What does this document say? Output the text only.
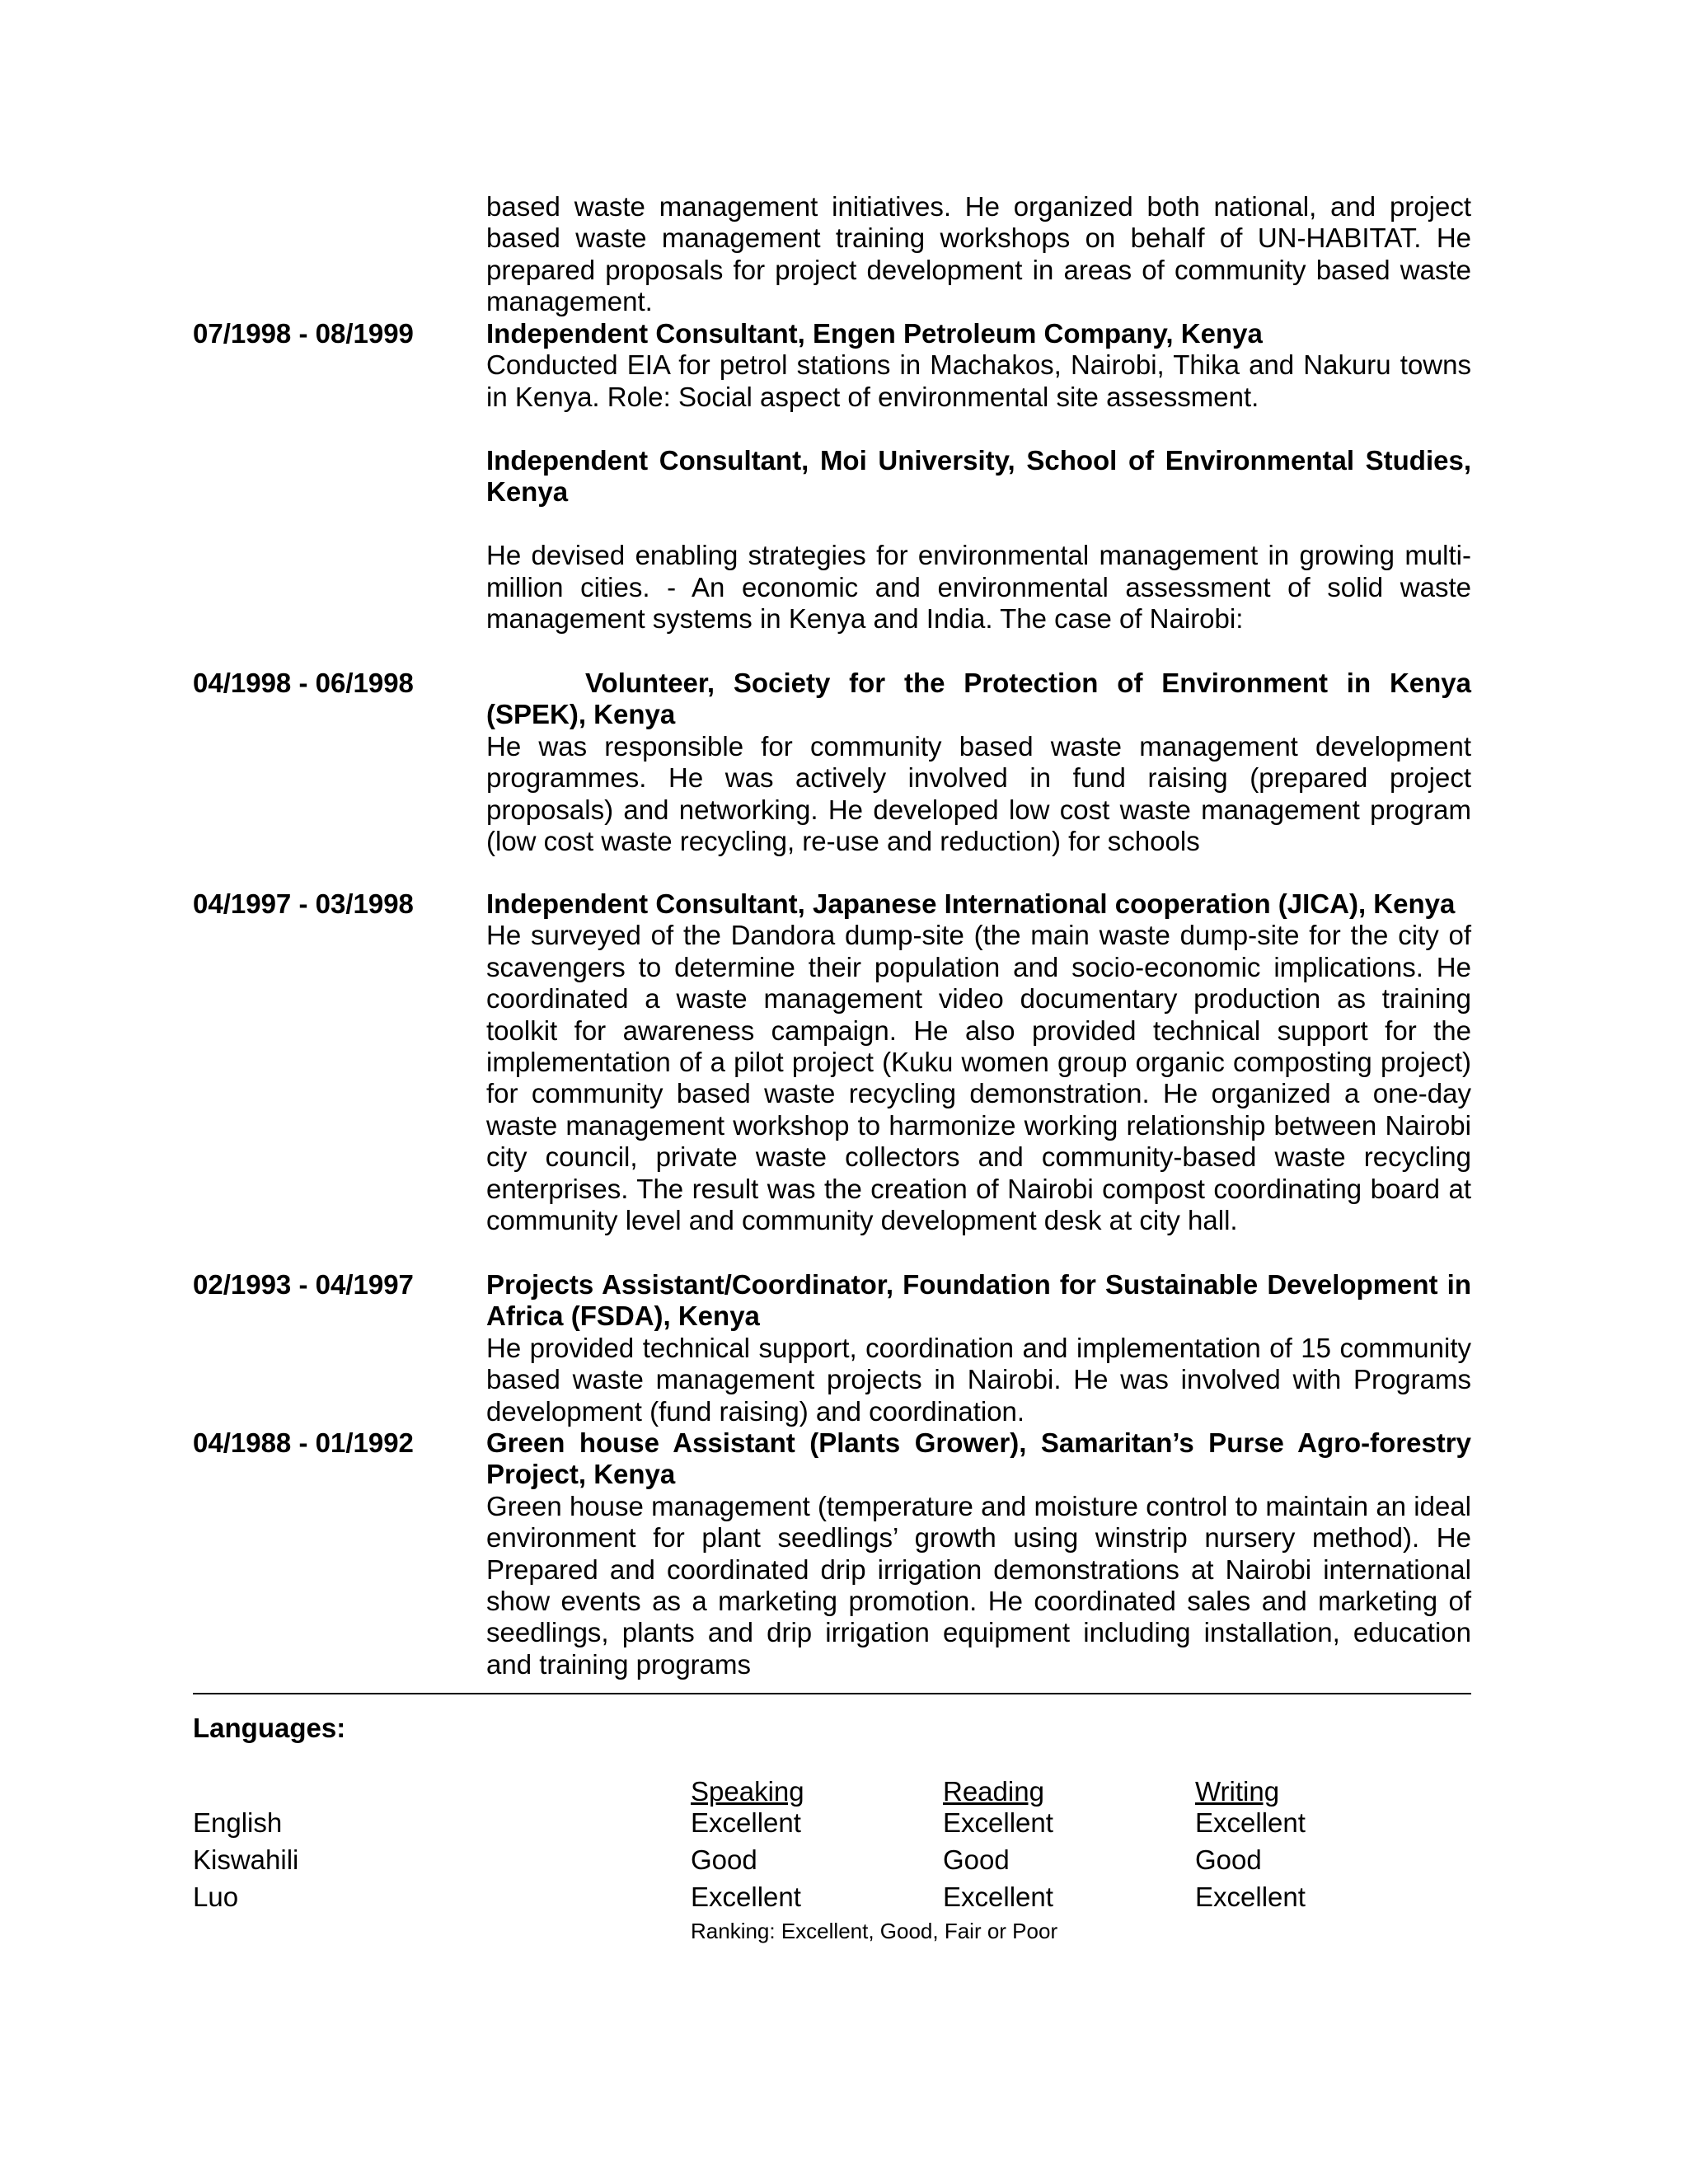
based waste management initiatives. He organized both national, and project based waste management training workshops on behalf of UN-HABITAT. He prepared proposals for project development in areas of community based waste management.
07/1998 - 08/1999	Independent Consultant, Engen Petroleum Company, Kenya
Conducted EIA for petrol stations in Machakos, Nairobi, Thika and Nakuru towns in Kenya. Role: Social aspect of environmental site assessment.
Independent Consultant, Moi University, School of Environmental Studies, Kenya
He devised enabling strategies for environmental management in growing multi-million cities. - An economic and environmental assessment of solid waste management systems in Kenya and India. The case of Nairobi:
04/1998 - 06/1998	Volunteer, Society for the Protection of Environment in Kenya (SPEK), Kenya
He was responsible for community based waste management development programmes. He was actively involved in fund raising (prepared project proposals) and networking. He developed low cost waste management program (low cost waste recycling, re-use and reduction) for schools
04/1997 - 03/1998	Independent Consultant, Japanese International cooperation (JICA), Kenya
He surveyed of the Dandora dump-site (the main waste dump-site for the city of scavengers to determine their population and socio-economic implications. He coordinated a waste management video documentary production as training toolkit for awareness campaign. He also provided technical support for the implementation of a pilot project (Kuku women group organic composting project) for community based waste recycling demonstration. He organized a one-day waste management workshop to harmonize working relationship between Nairobi city council, private waste collectors and community-based waste recycling enterprises. The result was the creation of Nairobi compost coordinating board at community level and community development desk at city hall.
02/1993 - 04/1997	Projects Assistant/Coordinator, Foundation for Sustainable Development in Africa (FSDA), Kenya
He provided technical support, coordination and implementation of 15 community based waste management projects in Nairobi. He was involved with Programs development (fund raising) and coordination.
04/1988 - 01/1992	Green house Assistant (Plants Grower), Samaritan’s Purse Agro-forestry Project, Kenya
Green house management (temperature and moisture control to maintain an ideal environment for plant seedlings’ growth using winstrip nursery method). He Prepared and coordinated drip irrigation demonstrations at Nairobi international show events as a marketing promotion. He coordinated sales and marketing of seedlings, plants and drip irrigation equipment including installation, education and training programs
Languages:
Speaking	Reading	Writing
English	Excellent	Excellent	Excellent
Kiswahili	Good	Good	Good
Luo	Excellent	Excellent	Excellent
Ranking: Excellent, Good, Fair or Poor
